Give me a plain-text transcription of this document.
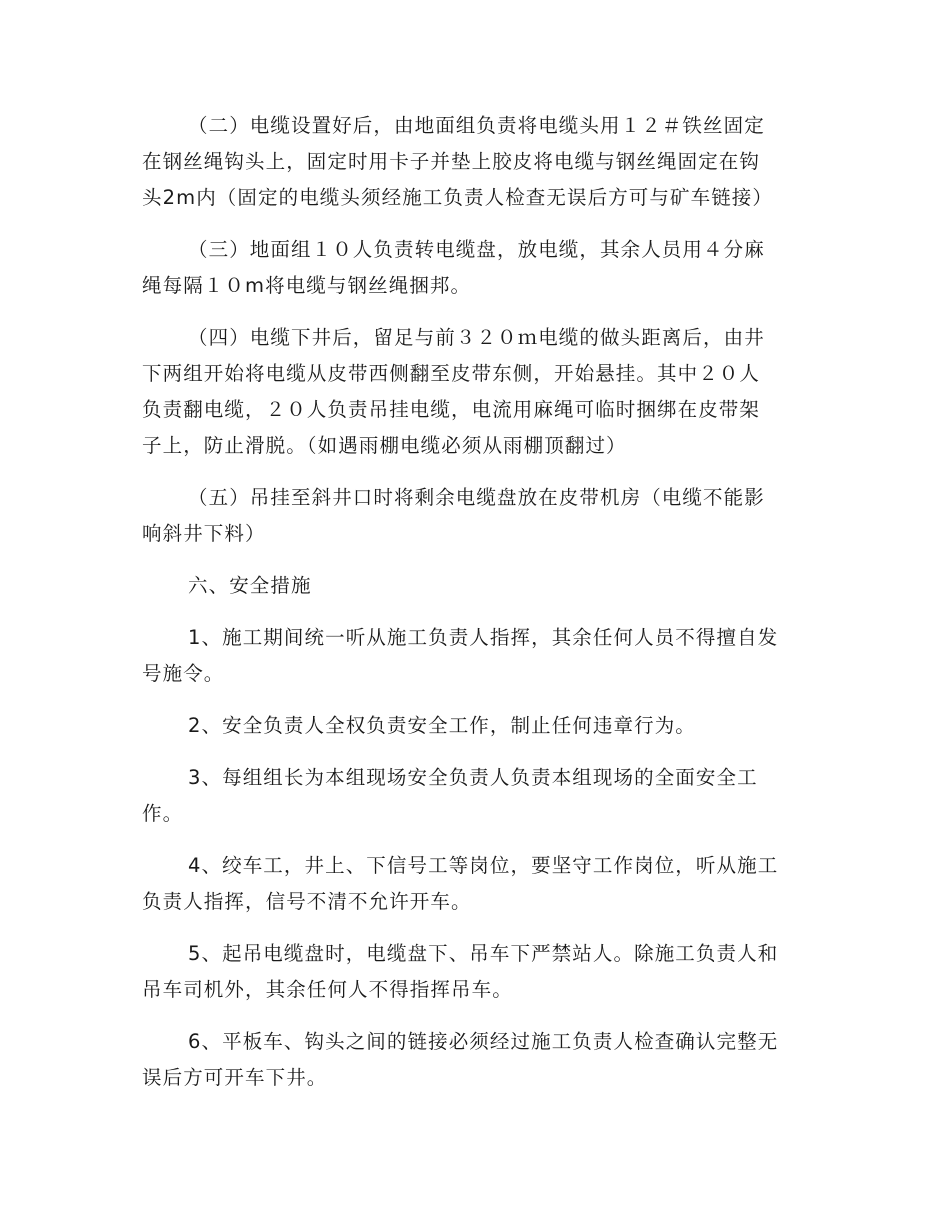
（二）电缆设置好后，由地面组负责将电缆头用１２＃铁丝固定
在钢丝绳钩头上，固定时用卡子并垫上胶皮将电缆与钢丝绳固定在钩
头2m内（固定的电缆头须经施工负责人检查无误后方可与矿车链接）

（三）地面组１０人负责转电缆盘，放电缆，其余人员用４分麻
绳每隔１０m将电缆与钢丝绳捆邦。

（四）电缆下井后，留足与前３２０ｍ电缆的做头距离后，由井
下两组开始将电缆从皮带西侧翻至皮带东侧，开始悬挂。其中２０人
负责翻电缆，２０人负责吊挂电缆，电流用麻绳可临时捆绑在皮带架
子上，防止滑脱。（如遇雨棚电缆必须从雨棚顶翻过）

（五）吊挂至斜井口时将剩余电缆盘放在皮带机房（电缆不能影
响斜井下料）

六、安全措施

1、施工期间统一听从施工负责人指挥，其余任何人员不得擅自发
号施令。

2、安全负责人全权负责安全工作，制止任何违章行为。

3、每组组长为本组现场安全负责人负责本组现场的全面安全工
作。

4、绞车工，井上、下信号工等岗位，要坚守工作岗位，听从施工
负责人指挥，信号不清不允许开车。

5、起吊电缆盘时，电缆盘下、吊车下严禁站人。除施工负责人和
吊车司机外，其余任何人不得指挥吊车。

6、平板车、钩头之间的链接必须经过施工负责人检查确认完整无
误后方可开车下井。
